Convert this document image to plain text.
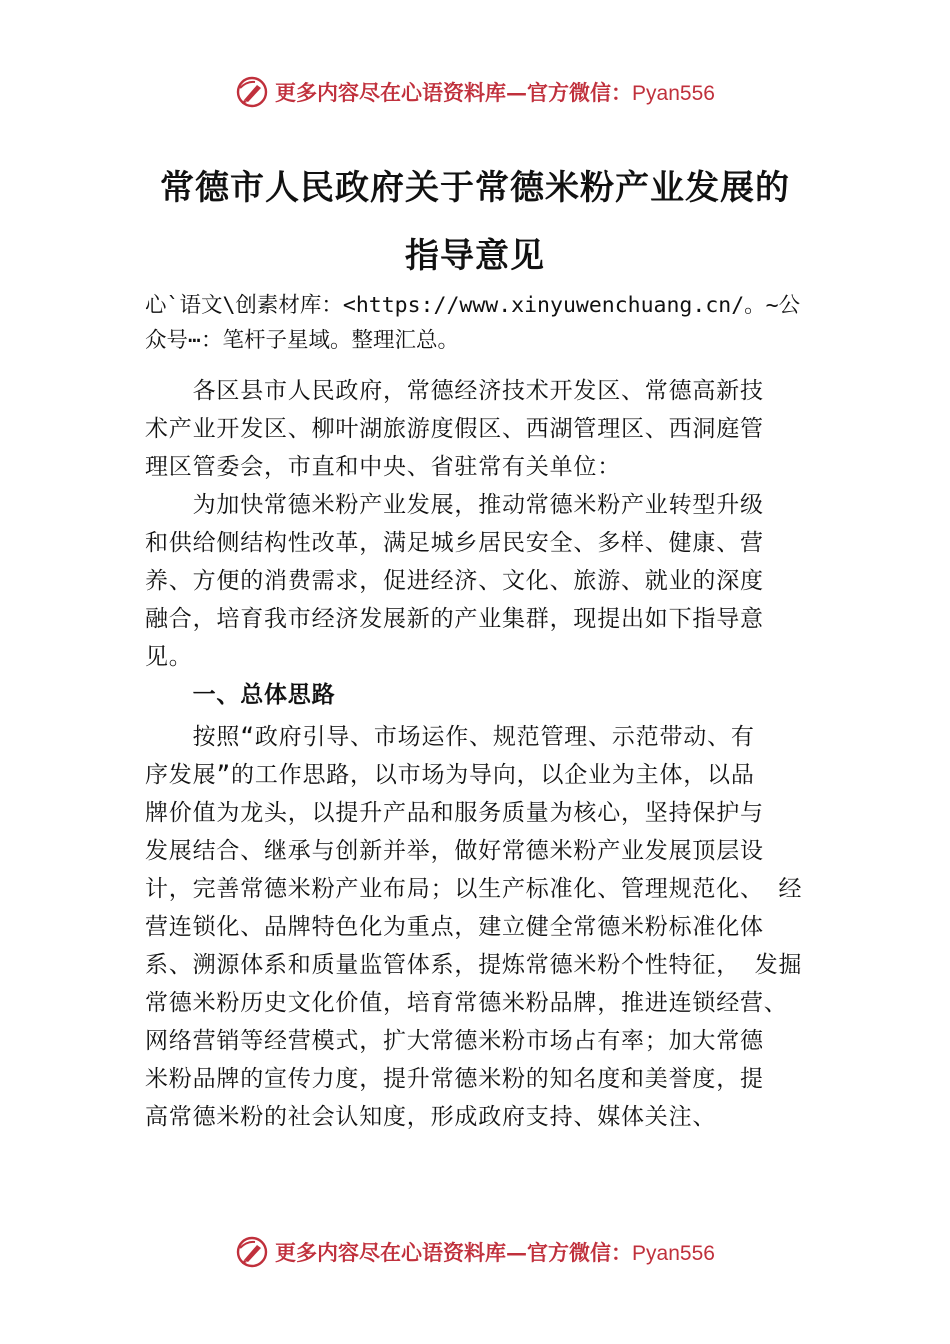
更多内容尽在心语资料库—官方微信：Pyan556
常德市人民政府关于常德米粉产业发展的
指导意见
心`语文\创素材库：<https://www.xinyuwenchuang.cn/。~公
众号⋯：笔杆子星域。整理汇总。
　　各区县市人民政府，常德经济技术开发区、常德高新技
术产业开发区、柳叶湖旅游度假区、西湖管理区、西洞庭管
理区管委会，市直和中央、省驻常有关单位：
　　为加快常德米粉产业发展，推动常德米粉产业转型升级
和供给侧结构性改革，满足城乡居民安全、多样、健康、营
养、方便的消费需求，促进经济、文化、旅游、就业的深度
融合，培育我市经济发展新的产业集群，现提出如下指导意
见。
　　一、总体思路
　　按照“政府引导、市场运作、规范管理、示范带动、有
序发展”的工作思路，以市场为导向，以企业为主体，以品
牌价值为龙头，以提升产品和服务质量为核心，坚持保护与
发展结合、继承与创新并举，做好常德米粉产业发展顶层设
计，完善常德米粉产业布局；以生产标准化、管理规范化、 经
营连锁化、品牌特色化为重点，建立健全常德米粉标准化体
系、溯源体系和质量监管体系，提炼常德米粉个性特征， 发掘
常德米粉历史文化价值，培育常德米粉品牌，推进连锁经营、
网络营销等经营模式，扩大常德米粉市场占有率；加大常德
米粉品牌的宣传力度，提升常德米粉的知名度和美誉度，提
高常德米粉的社会认知度，形成政府支持、媒体关注、
更多内容尽在心语资料库—官方微信：Pyan556
